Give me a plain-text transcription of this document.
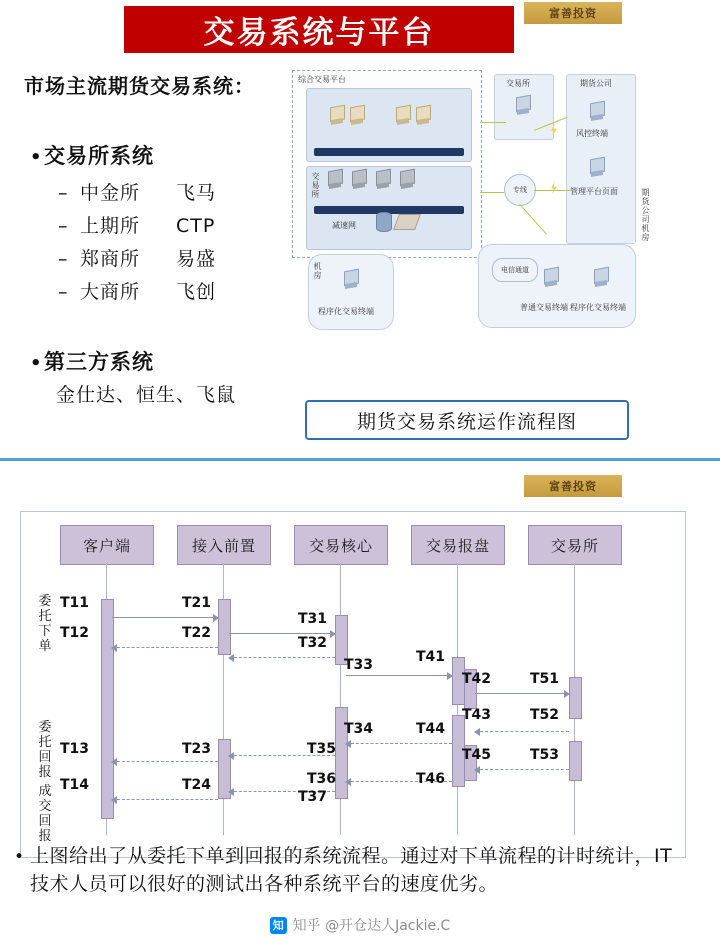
富善投资
交易系统与平台
市场主流期货交易系统：
•交易所系统
– 中金所 飞马
– 上期所 CTP
– 郑商所 易盛
– 大商所 飞创
•第三方系统
金仕达、恒生、飞鼠
期货交易系统运作流程图
综合交易平台
交易所
减速网
交易所	期货公司
风控终端
管理平台页面
专线
机房
程序化交易终端
电信通道
普通交易终端 程序化交易终端
期货公司机房
富善投资
客户端	接入前置	交易核心	交易报盘	交易所
T11
T12
T21
T22
T31
T32
T33
T34
T35
T36
T37
T41
T42
T43
T44
T45
T46
T51
T52
T53
T13
T14
T23
T24
委托下单
委托回报
成交回报
• 上图给出了从委托下单到回报的系统流程。通过对下单流程的计时统计，IT技术人员可以很好的测试出各种系统平台的速度优劣。
知 知乎 @开仓达人Jackie.C
